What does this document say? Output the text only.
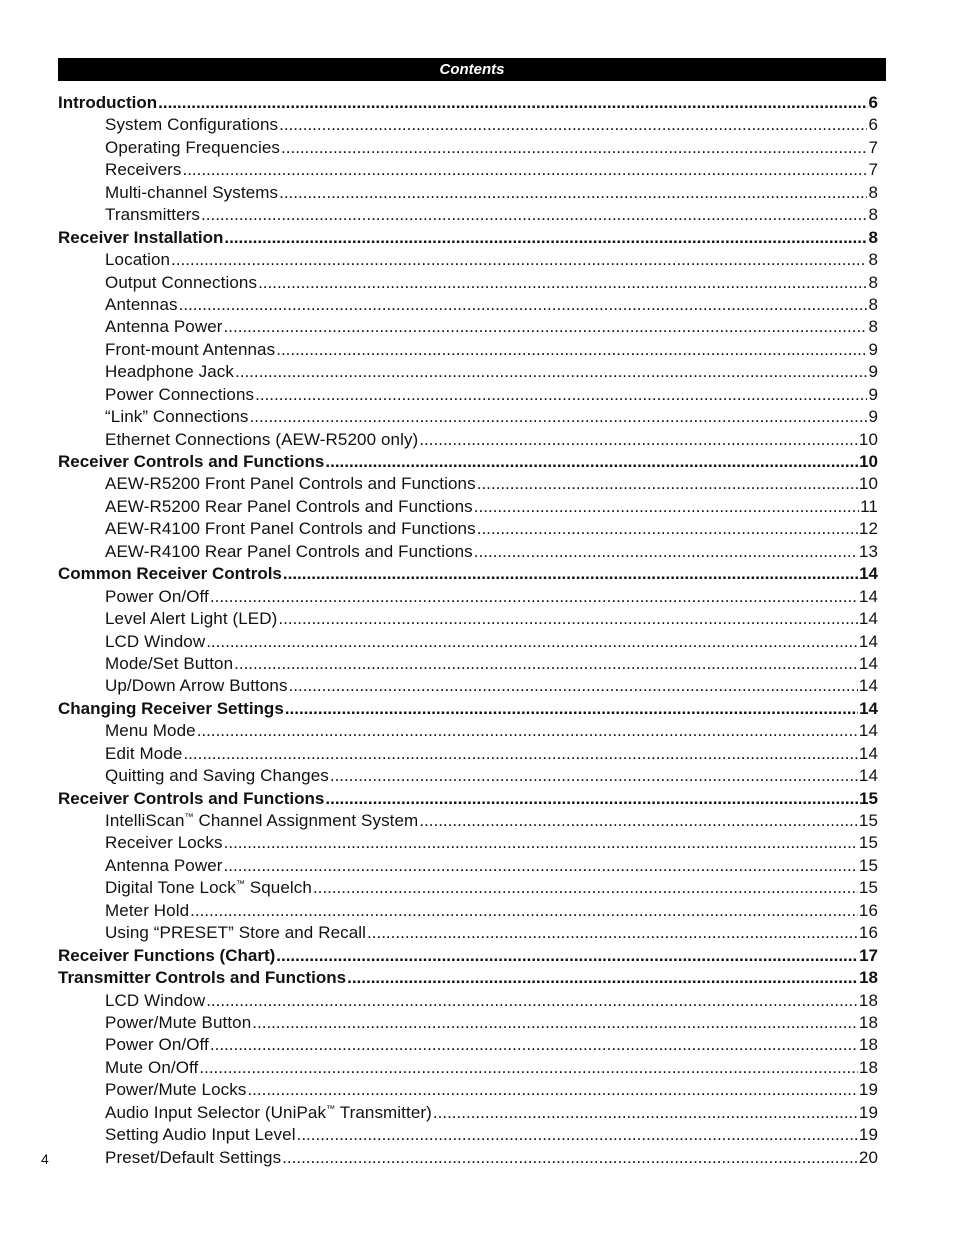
Contents
Introduction .....	6
System Configurations .....	6
Operating Frequencies .....	7
Receivers .....	7
Multi-channel Systems .....	8
Transmitters .....	8
Receiver Installation .....	8
Location .....	8
Output Connections .....	8
Antennas .....	8
Antenna Power .....	8
Front-mount Antennas .....	9
Headphone Jack .....	9
Power Connections .....	9
“Link” Connections .....	9
Ethernet Connections (AEW-R5200 only) .....	10
Receiver Controls and Functions .....	10
AEW-R5200 Front Panel Controls and Functions .....	10
AEW-R5200 Rear Panel Controls and Functions .....	11
AEW-R4100 Front Panel Controls and Functions .....	12
AEW-R4100 Rear Panel Controls and Functions .....	13
Common Receiver Controls .....	14
Power On/Off .....	14
Level Alert Light (LED) .....	14
LCD Window .....	14
Mode/Set Button .....	14
Up/Down Arrow Buttons .....	14
Changing Receiver Settings .....	14
Menu Mode .....	14
Edit Mode .....	14
Quitting and Saving Changes .....	14
Receiver Controls and Functions .....	15
IntelliScan™ Channel Assignment System .....	15
Receiver Locks .....	15
Antenna Power .....	15
Digital Tone Lock™ Squelch .....	15
Meter Hold .....	16
Using “PRESET” Store and Recall .....	16
Receiver Functions (Chart) .....	17
Transmitter Controls and Functions .....	18
LCD Window .....	18
Power/Mute Button .....	18
Power On/Off .....	18
Mute On/Off .....	18
Power/Mute Locks .....	19
Audio Input Selector (UniPak™ Transmitter) .....	19
Setting Audio Input Level .....	19
Preset/Default Settings .....	20
4
